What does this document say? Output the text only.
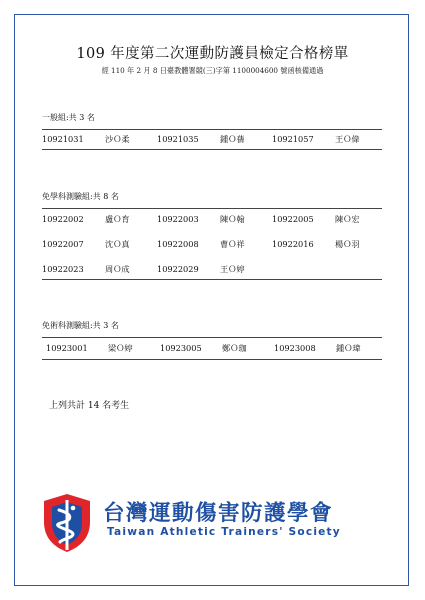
109 年度第二次運動防護員檢定合格榜單
經 110 年 2 月 8 日臺教體署競(三)字第 1100004600 號函核備通過
一般組:共 3 名
10921031	沙Ｏ柔	10921035	鍾Ｏ蒨	10921057	王Ｏ偉
免學科測驗組:共 8 名
10922002	盧Ｏ育	10922003	陳Ｏ翰	10922005	陳Ｏ宏
10922007	沈Ｏ真	10922008	曹Ｏ祥	10922016	楊Ｏ羽
10922023	周Ｏ成	10922029	王Ｏ婷
免術科測驗組:共 3 名
10923001	梁Ｏ婷	10923005	鄭Ｏ珈	10923008	鍾Ｏ瑋
上列共計 14 名考生
台灣運動傷害防護學會
Taiwan Athletic Trainers' Society
